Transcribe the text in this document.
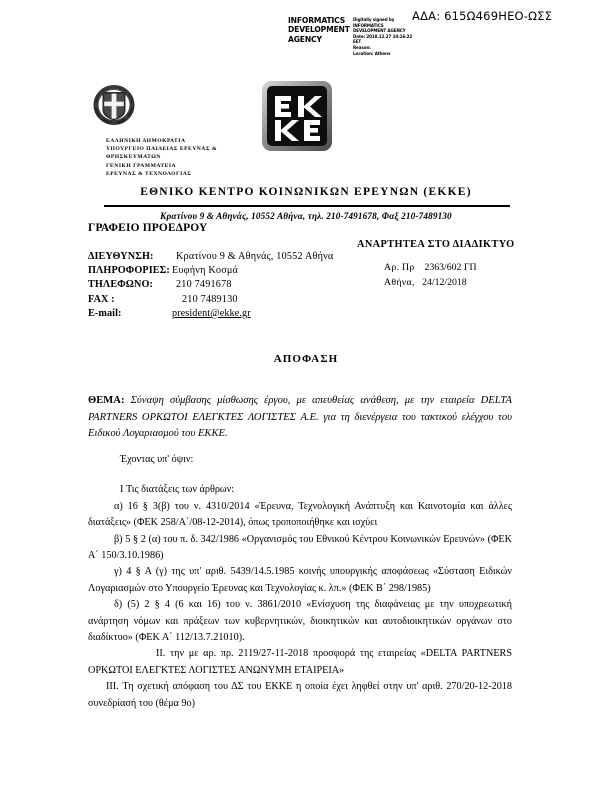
ΑΔΑ: 615Ω469ΗΕΟ-ΩΣΣ
INFORMATICS DEVELOPMENT AGENCY
Digitally signed by
INFORMATICS
DEVELOPMENT AGENCY
Date: 2018.12.27 10:16:22
EET
Reason:
Location: Athens
ΕΛΛΗΝΙΚΗ ΔΗΜΟΚΡΑΤΙΑ
ΥΠΟΥΡΓΕΙΟ ΠΑΙΔΕΙΑΣ ΕΡΕΥΝΑΣ &
ΘΡΗΣΚΕΥΜΑΤΩΝ
ΓΕΝΙΚΗ ΓΡΑΜΜΑΤΕΙΑ
ΕΡΕΥΝΑΣ & ΤΕΧΝΟΛΟΓΙΑΣ
ΕΘΝΙΚΟ ΚΕΝΤΡΟ ΚΟΙΝΩΝΙΚΩΝ ΕΡΕΥΝΩΝ (ΕΚΚΕ)
Κρατίνου 9 & Αθηνάς, 10552 Αθήνα, τηλ. 210-7491678, Φαξ 210-7489130
ΓΡΑΦΕΙΟ ΠΡΟΕΔΡΟΥ
ΔΙΕΥΘΥΝΣΗ:	Κρατίνου 9 & Αθηνάς, 10552 Αθήνα
ΠΛΗΡΟΦΟΡΙΕΣ: Ευφήνη Κοσμά
ΤΗΛΕΦΩΝΟ:	210 7491678
FAX :	210 7489130
E-mail:	president@ekke.gr
ΑΝΑΡΤΗΤΕΑ ΣΤΟ ΔΙΑΔΙΚΤΥΟ
Αρ. Πρ 2363/602 ΓΠ
Αθήνα, 24/12/2018
ΑΠΟΦΑΣΗ
ΘΕΜΑ: Σύναψη σύμβασης μίσθωσης έργου, με απευθείας ανάθεση, με την εταιρεία DELTA PARTNERS ΟΡΚΩΤΟΙ ΕΛΕΓΚΤΕΣ ΛΟΓΙΣΤΕΣ Α.Ε. για τη διενέργεια του τακτικού ελέγχου του Ειδικού Λογαριασμού του ΕΚΚΕ.

Έχοντας υπ' όψιν:

I Τις διατάξεις των άρθρων:

α) 16 § 3(β) του ν. 4310/2014 «Έρευνα, Τεχνολογική Ανάπτυξη και Καινοτομία και άλλες διατάξεις» (ΦΕΚ 258/Α΄/08-12-2014), όπως τροποποιήθηκε και ισχύει

β) 5 § 2 (α) του π. δ. 342/1986 «Οργανισμός του Εθνικού Κέντρου Κοινωνικών Ερευνών» (ΦΕΚ Α΄ 150/3.10.1986)

γ) 4 § Α (γ) της υπ' αριθ. 5439/14.5.1985 κοινής υπουργικής αποφάσεως «Σύσταση Ειδικών Λογαριασμών στο Υπουργείο Έρευνας και Τεχνολογίας κ. λπ.» (ΦΕΚ Β΄ 298/1985)

δ) (5) 2 § 4 (6 και 16) του ν. 3861/2010 «Ενίσχυση της διαφάνειας με την υποχρεωτική ανάρτηση νόμων και πράξεων των κυβερνητικών, διοικητικών και αυτοδιοικητικών οργάνων στο διαδίκτυο» (ΦΕΚ Α΄ 112/13.7.21010).

II. την με αρ. πρ. 2119/27-11-2018 προσφορά της εταιρείας «DELTA PARTNERS ΟΡΚΩΤΟΙ ΕΛΕΓΚΤΕΣ ΛΟΓΙΣΤΕΣ ΑΝΩΝΥΜΗ ΕΤΑΙΡΕΙΑ»

III. Τη σχετική απόφαση του ΔΣ του ΕΚΚΕ η οποία έχει ληφθεί στην υπ' αριθ. 270/20-12-2018 συνεδρίασή του (θέμα 9ο)
